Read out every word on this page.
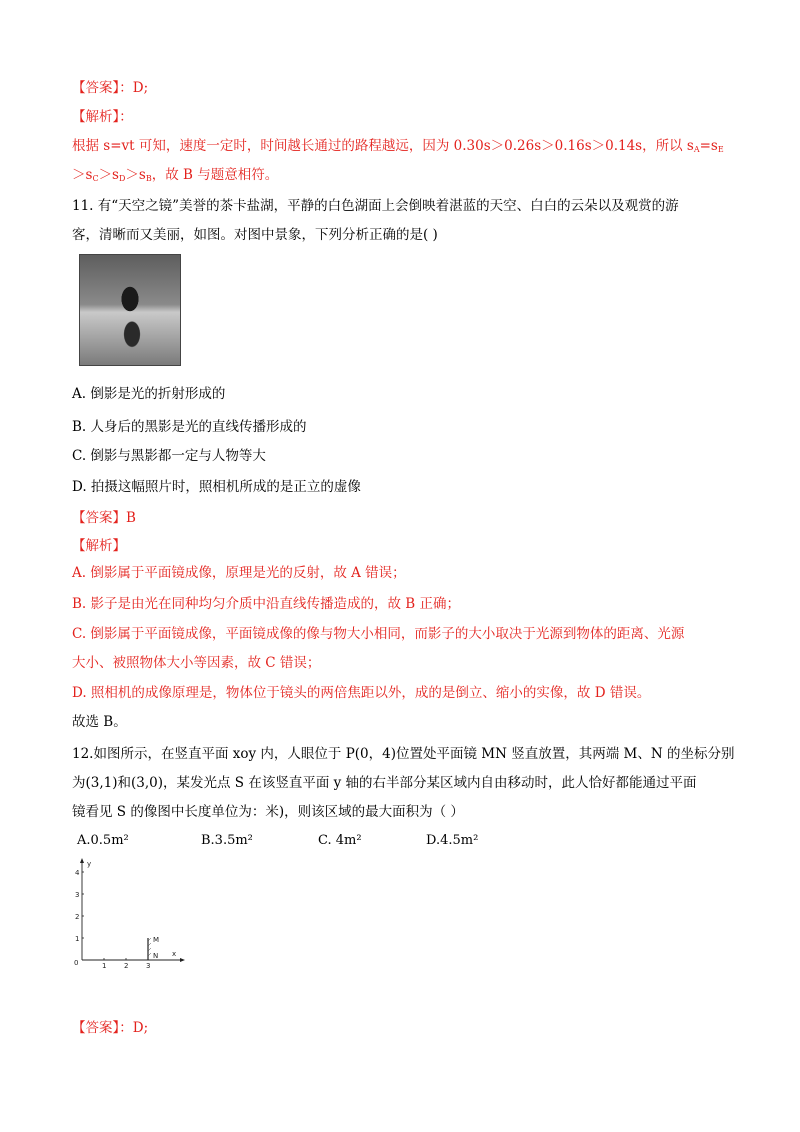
【答案】：D;
【解析】：
根据 s=vt 可知，速度一定时，时间越长通过的路程越远，因为 0.30s＞0.26s＞0.16s＞0.14s，所以 $s_A=s_E$
$>s_C>s_D>s_B$，故 B 与题意相符。
11. 有“天空之镜”美誉的茶卡盐湖，平静的白色湖面上会倒映着湛蓝的天空、白白的云朵以及观赏的游
客，清晰而又美丽，如图。对图中景象，下列分析正确的是( )
A. 倒影是光的折射形成的
B. 人身后的黑影是光的直线传播形成的
C. 倒影与黑影都一定与人物等大
D. 拍摄这幅照片时，照相机所成的是正立的虚像
【答案】B
【解析】
A. 倒影属于平面镜成像，原理是光的反射，故 A 错误；
B. 影子是由光在同种均匀介质中沿直线传播造成的，故 B 正确；
C. 倒影属于平面镜成像，平面镜成像的像与物大小相同，而影子的大小取决于光源到物体的距离、光源
大小、被照物体大小等因素，故 C 错误；
D. 照相机的成像原理是，物体位于镜头的两倍焦距以外，成的是倒立、缩小的实像，故 D 错误。
故选 B。
12.如图所示，在竖直平面 xoy 内，人眼位于 P(0，4)位置处平面镜 MN 竖直放置，其两端 M、N 的坐标分别
为(3,1)和(3,0)，某发光点 S 在该竖直平面 y 轴的右半部分某区域内自由移动时，此人恰好都能通过平面
镜看见 S 的像图中长度单位为：米)，则该区域的最大面积为（ ）
A.0.5m²	B.3.5m²	C. 4m²	D.4.5m²
y
x
0	1	2	3
1
2
3
4
M
N
【答案】：D;
